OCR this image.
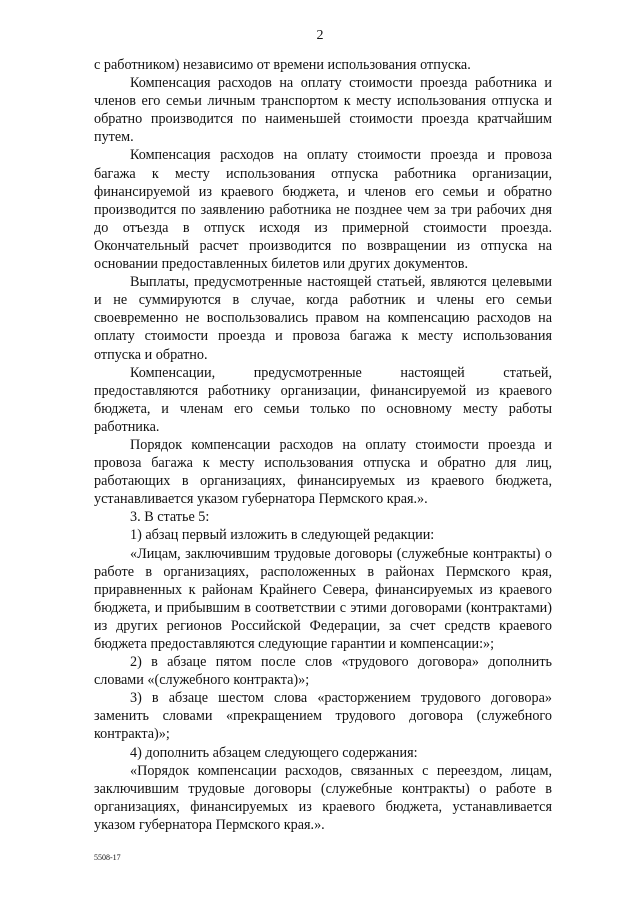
2

с работником) независимо от времени использования отпуска.

Компенсация расходов на оплату стоимости проезда работника и членов его семьи личным транспортом к месту использования отпуска и обратно производится по наименьшей стоимости проезда кратчайшим путем.

Компенсация расходов на оплату стоимости проезда и провоза багажа к месту использования отпуска работника организации, финансируемой из краевого бюджета, и членов его семьи и обратно производится по заявлению работника не позднее чем за три рабочих дня до отъезда в отпуск исходя из примерной стоимости проезда. Окончательный расчет производится по возвращении из отпуска на основании предоставленных билетов или других документов.

Выплаты, предусмотренные настоящей статьей, являются целевыми и не суммируются в случае, когда работник и члены его семьи своевременно не воспользовались правом на компенсацию расходов на оплату стоимости проезда и провоза багажа к месту использования отпуска и обратно.

Компенсации, предусмотренные настоящей статьей, предоставляются работнику организации, финансируемой из краевого бюджета, и членам его семьи только по основному месту работы работника.

Порядок компенсации расходов на оплату стоимости проезда и провоза багажа к месту использования отпуска и обратно для лиц, работающих в организациях, финансируемых из краевого бюджета, устанавливается указом губернатора Пермского края.».

3. В статье 5:

1) абзац первый изложить в следующей редакции:

«Лицам, заключившим трудовые договоры (служебные контракты) о работе в организациях, расположенных в районах Пермского края, приравненных к районам Крайнего Севера, финансируемых из краевого бюджета, и прибывшим в соответствии с этими договорами (контрактами) из других регионов Российской Федерации, за счет средств краевого бюджета предоставляются следующие гарантии и компенсации:»;

2) в абзаце пятом после слов «трудового договора» дополнить словами «(служебного контракта)»;

3) в абзаце шестом слова «расторжением трудового договора» заменить словами «прекращением трудового договора (служебного контракта)»;

4) дополнить абзацем следующего содержания:

«Порядок компенсации расходов, связанных с переездом, лицам, заключившим трудовые договоры (служебные контракты) о работе в организациях, финансируемых из краевого бюджета, устанавливается указом губернатора Пермского края.».

5508-17
